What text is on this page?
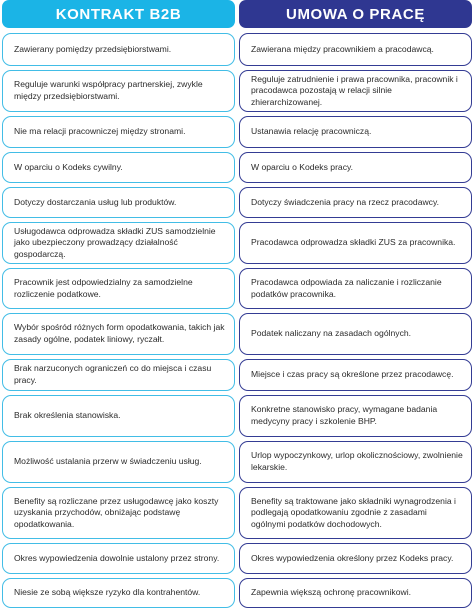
KONTRAKT B2B
Zawierany pomiędzy przedsiębiorstwami.
Reguluje warunki współpracy partnerskiej, zwykle między przedsiębiorstwami.
Nie ma relacji pracowniczej między stronami.
W oparciu o Kodeks cywilny.
Dotyczy dostarczania usług lub produktów.
Usługodawca odprowadza składki ZUS samodzielnie jako ubezpieczony prowadzący działalność gospodarczą.
Pracownik jest odpowiedzialny za samodzielne rozliczenie podatkowe.
Wybór spośród różnych form opodatkowania, takich jak zasady ogólne, podatek liniowy, ryczałt.
Brak narzuconych ograniczeń co do miejsca i czasu pracy.
Brak określenia stanowiska.
Możliwość ustalania przerw w świadczeniu usług.
Benefity są rozliczane przez usługodawcę jako koszty uzyskania przychodów, obniżając podstawę opodatkowania.
Okres wypowiedzenia dowolnie ustalony przez strony.
Niesie ze sobą większe ryzyko dla kontrahentów.
UMOWA O PRACĘ
Zawierana między pracownikiem a pracodawcą.
Reguluje zatrudnienie i prawa pracownika, pracownik i pracodawca pozostają w relacji silnie zhierarchizowanej.
Ustanawia relację pracowniczą.
W oparciu o Kodeks pracy.
Dotyczy świadczenia pracy na rzecz pracodawcy.
Pracodawca odprowadza składki ZUS za pracownika.
Pracodawca odpowiada za naliczanie i rozliczanie podatków pracownika.
Podatek naliczany na zasadach ogólnych.
Miejsce i czas pracy są określone przez pracodawcę.
Konkretne stanowisko pracy, wymagane badania medycyny pracy i szkolenie BHP.
Urlop wypoczynkowy, urlop okolicznościowy, zwolnienie lekarskie.
Benefity są traktowane jako składniki wynagrodzenia i podlegają opodatkowaniu zgodnie z zasadami ogólnymi podatków dochodowych.
Okres wypowiedzenia określony przez Kodeks pracy.
Zapewnia większą ochronę pracownikowi.
